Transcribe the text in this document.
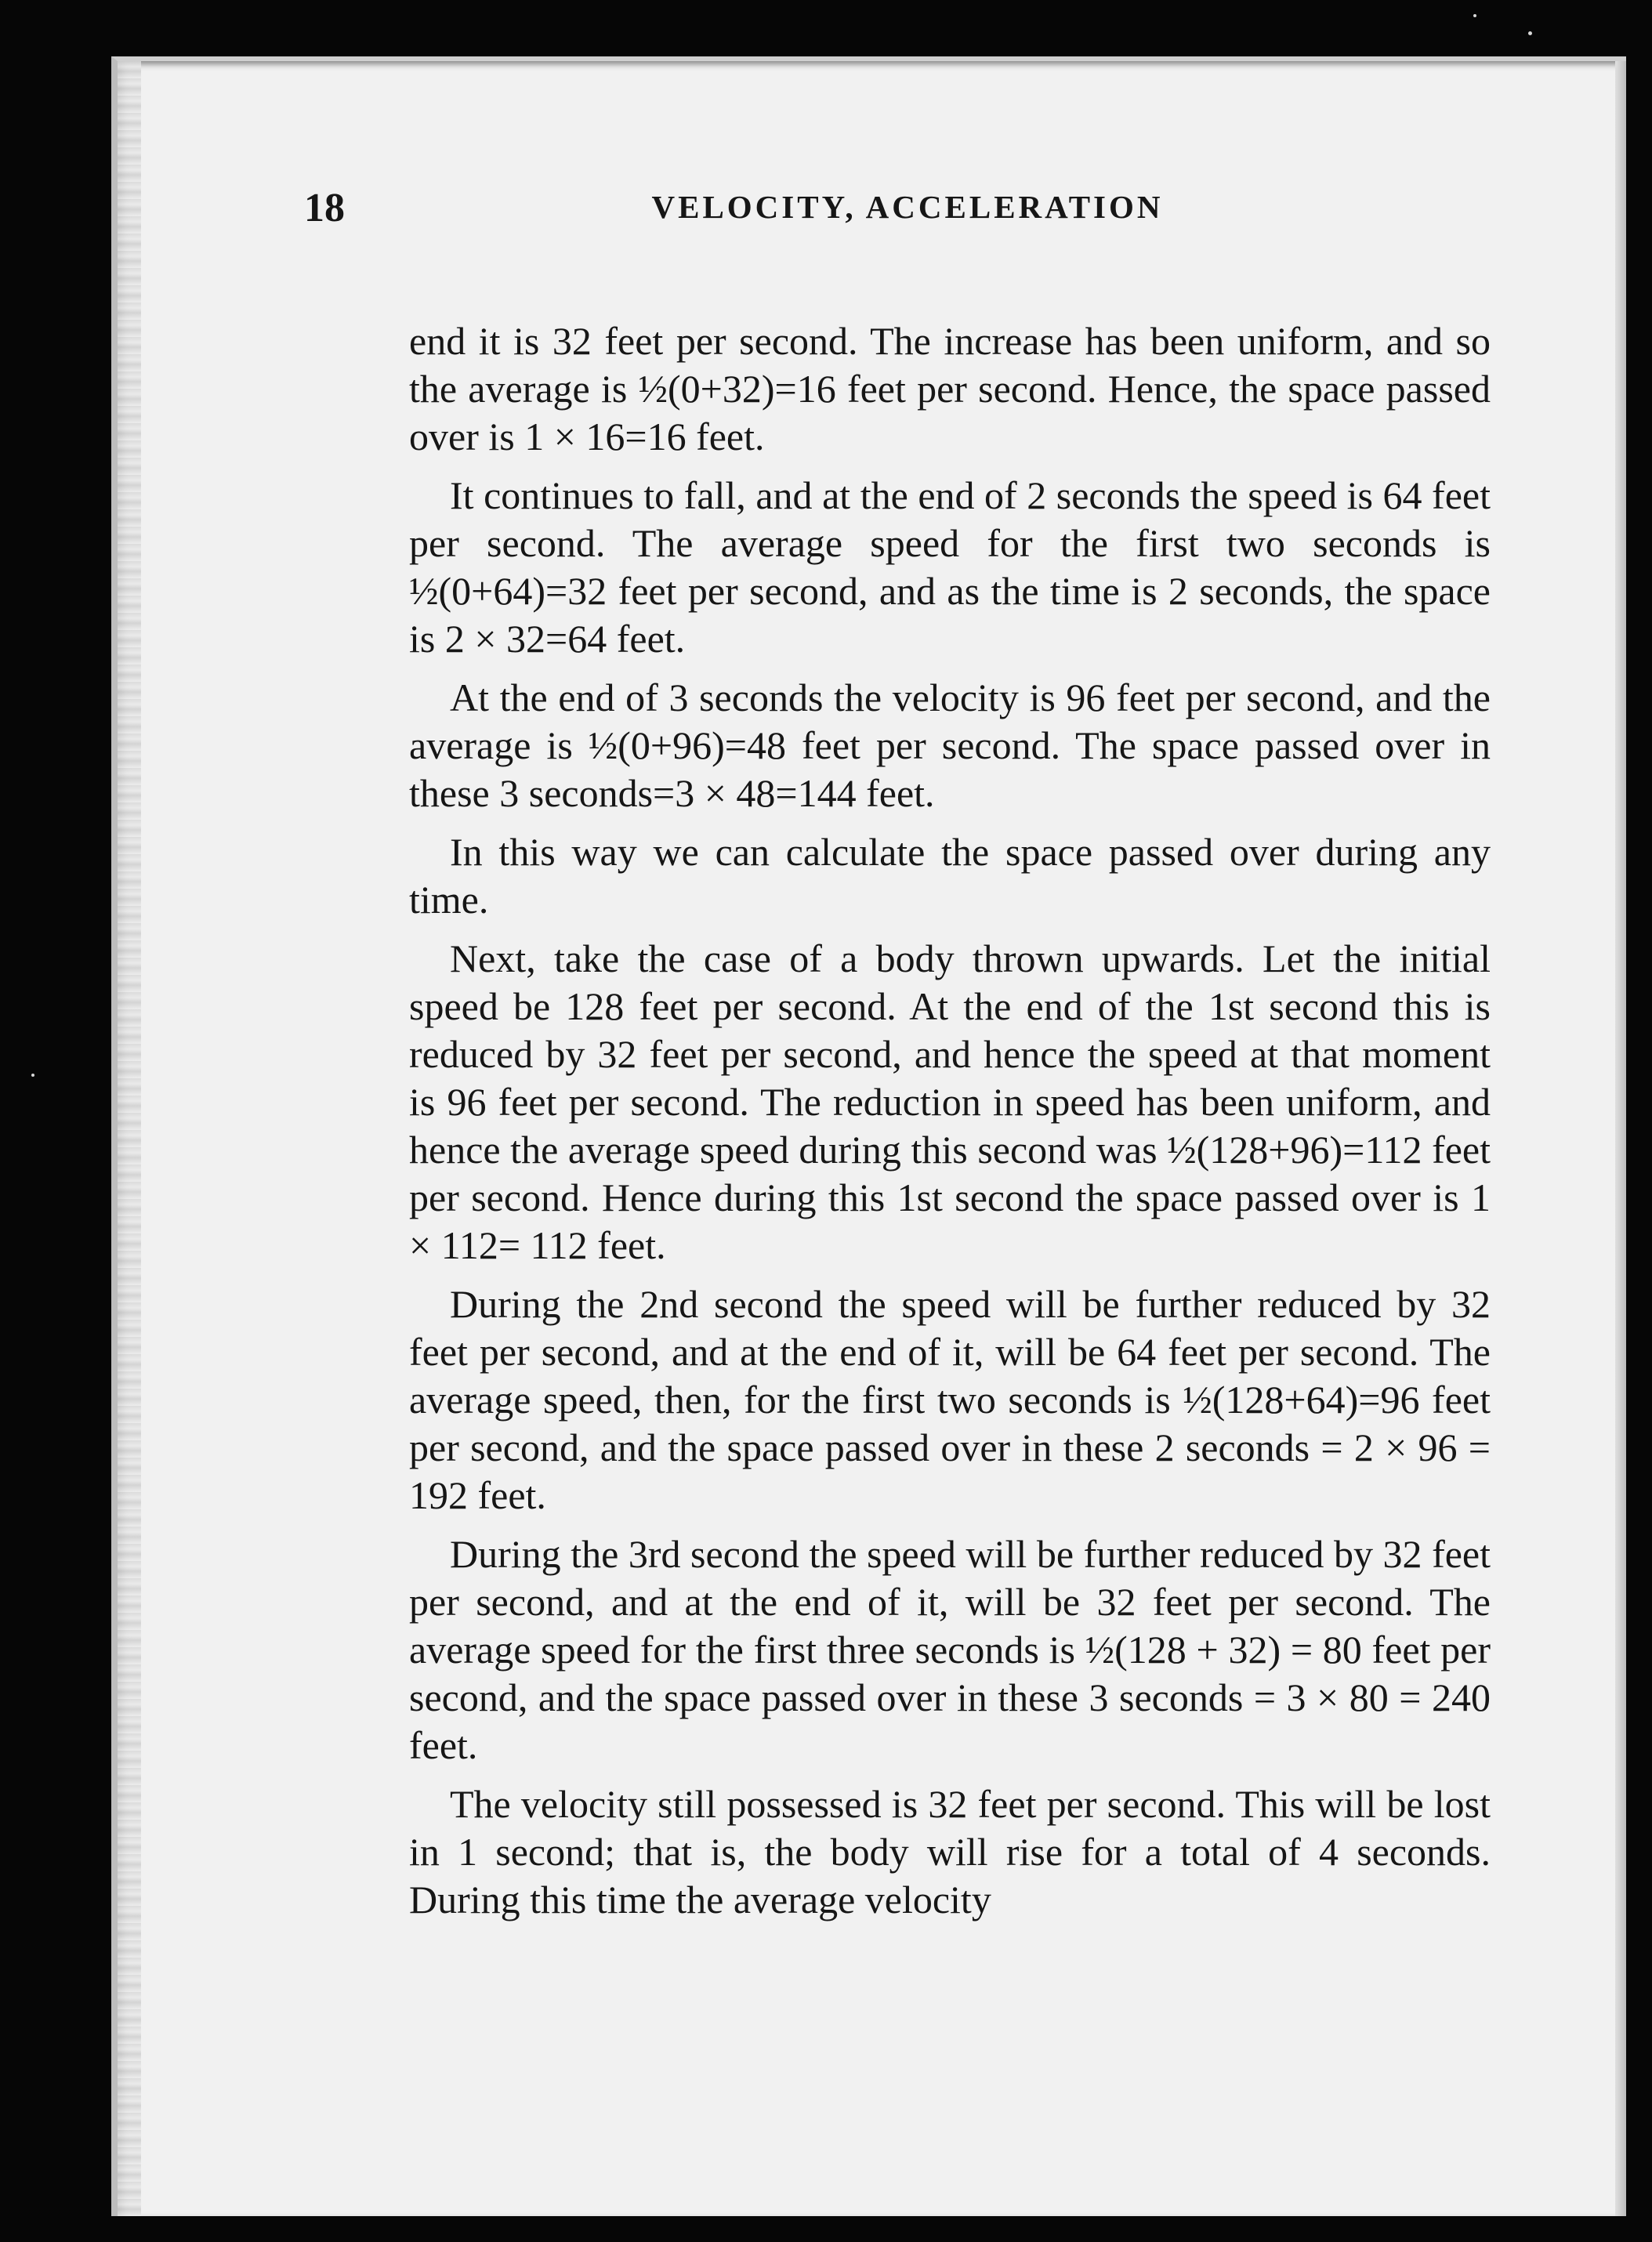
18	VELOCITY, ACCELERATION

end it is 32 feet per second. The increase has been uniform, and so the average is ½(0+32)=16 feet per second. Hence, the space passed over is 1 × 16=16 feet.

It continues to fall, and at the end of 2 seconds the speed is 64 feet per second. The average speed for the first two seconds is ½(0+64)=32 feet per second, and as the time is 2 seconds, the space is 2 × 32=64 feet.

At the end of 3 seconds the velocity is 96 feet per second, and the average is ½(0+96)=48 feet per second. The space passed over in these 3 seconds=3 × 48=144 feet.

In this way we can calculate the space passed over during any time.

Next, take the case of a body thrown upwards. Let the initial speed be 128 feet per second. At the end of the 1st second this is reduced by 32 feet per second, and hence the speed at that moment is 96 feet per second. The reduction in speed has been uniform, and hence the average speed during this second was ½(128+96)=112 feet per second. Hence during this 1st second the space passed over is 1 × 112= 112 feet.

During the 2nd second the speed will be further reduced by 32 feet per second, and at the end of it, will be 64 feet per second. The average speed, then, for the first two seconds is ½(128+64)=96 feet per second, and the space passed over in these 2 seconds = 2 × 96 = 192 feet.

During the 3rd second the speed will be further reduced by 32 feet per second, and at the end of it, will be 32 feet per second. The average speed for the first three seconds is ½(128 + 32) = 80 feet per second, and the space passed over in these 3 seconds = 3 × 80 = 240 feet.

The velocity still possessed is 32 feet per second. This will be lost in 1 second; that is, the body will rise for a total of 4 seconds. During this time the average velocity
